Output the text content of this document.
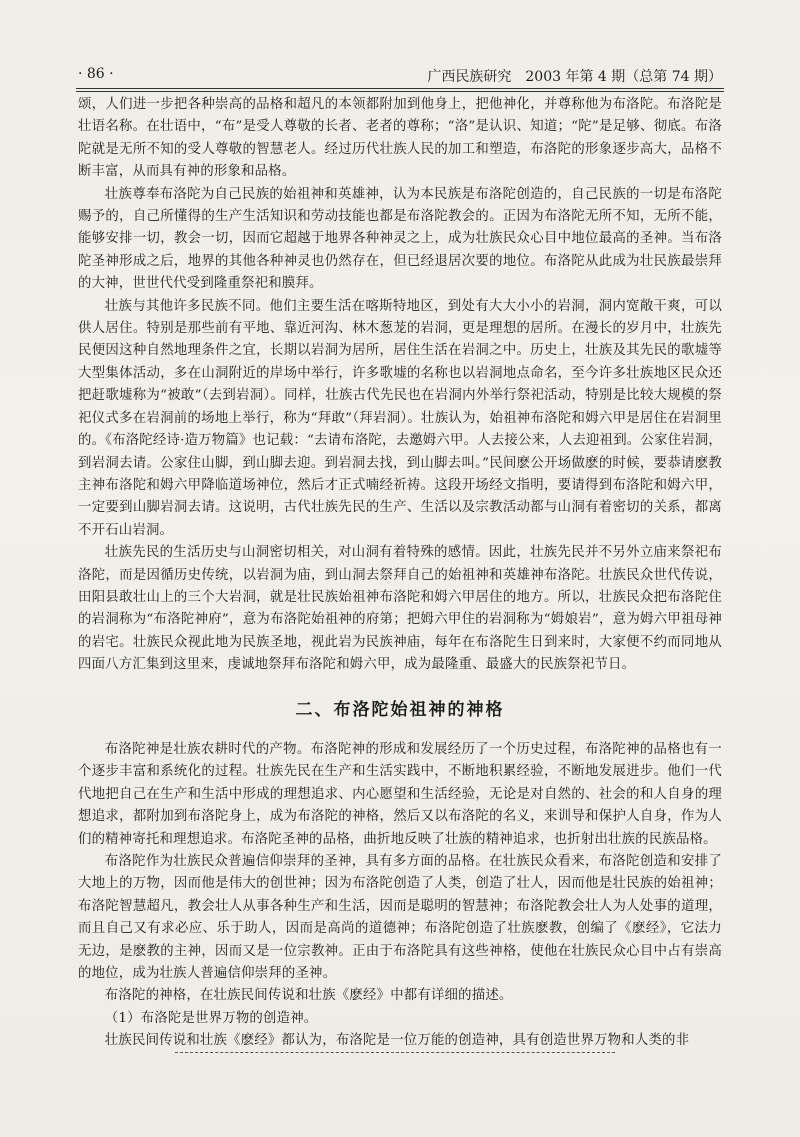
· 86 ·	广西民族研究　2003 年第 4 期（总第 74 期）

颂，人们进一步把各种崇高的品格和超凡的本领都附加到他身上，把他神化，并尊称他为布洛陀。布洛陀是壮语名称。在壮语中，“布”是受人尊敬的长者、老者的尊称；“洛”是认识、知道；“陀”是足够、彻底。布洛陀就是无所不知的受人尊敬的智慧老人。经过历代壮族人民的加工和塑造，布洛陀的形象逐步高大，品格不断丰富，从而具有神的形象和品格。

壮族尊奉布洛陀为自己民族的始祖神和英雄神，认为本民族是布洛陀创造的，自己民族的一切是布洛陀赐予的，自己所懂得的生产生活知识和劳动技能也都是布洛陀教会的。正因为布洛陀无所不知，无所不能，能够安排一切，教会一切，因而它超越于地界各种神灵之上，成为壮族民众心目中地位最高的圣神。当布洛陀圣神形成之后，地界的其他各种神灵也仍然存在，但已经退居次要的地位。布洛陀从此成为壮民族最崇拜的大神，世世代代受到隆重祭祀和膜拜。

壮族与其他许多民族不同。他们主要生活在喀斯特地区，到处有大大小小的岩洞，洞内宽敞干爽，可以供人居住。特别是那些前有平地、靠近河沟、林木葱茏的岩洞，更是理想的居所。在漫长的岁月中，壮族先民便因这种自然地理条件之宜，长期以岩洞为居所，居住生活在岩洞之中。历史上，壮族及其先民的歌墟等大型集体活动，多在山洞附近的岸场中举行，许多歌墟的名称也以岩洞地点命名，至今许多壮族地区民众还把赶歌墟称为“被敢”（去到岩洞）。同样，壮族古代先民也在岩洞内外举行祭祀活动，特别是比较大规模的祭祀仪式多在岩洞前的场地上举行，称为“拜敢”（拜岩洞）。壮族认为，始祖神布洛陀和姆六甲是居住在岩洞里的。《布洛陀经诗·造万物篇》也记载：“去请布洛陀，去邀姆六甲。人去接公来，人去迎祖到。公家住岩洞，到岩洞去请。公家住山脚，到山脚去迎。到岩洞去找，到山脚去叫。”民间麽公开场做麽的时候，要恭请麽教主神布洛陀和姆六甲降临道场神位，然后才正式喃经祈祷。这段开场经文指明，要请得到布洛陀和姆六甲，一定要到山脚岩洞去请。这说明，古代壮族先民的生产、生活以及宗教活动都与山洞有着密切的关系，都离不开石山岩洞。

壮族先民的生活历史与山洞密切相关，对山洞有着特殊的感情。因此，壮族先民并不另外立庙来祭祀布洛陀，而是因循历史传统，以岩洞为庙，到山洞去祭拜自己的始祖神和英雄神布洛陀。壮族民众世代传说，田阳县敢壮山上的三个大岩洞，就是壮民族始祖神布洛陀和姆六甲居住的地方。所以，壮族民众把布洛陀住的岩洞称为“布洛陀神府”，意为布洛陀始祖神的府第；把姆六甲住的岩洞称为“姆娘岩”，意为姆六甲祖母神的岩宅。壮族民众视此地为民族圣地，视此岩为民族神庙，每年在布洛陀生日到来时，大家便不约而同地从四面八方汇集到这里来，虔诚地祭拜布洛陀和姆六甲，成为最隆重、最盛大的民族祭祀节日。

二、布洛陀始祖神的神格

布洛陀神是壮族农耕时代的产物。布洛陀神的形成和发展经历了一个历史过程，布洛陀神的品格也有一个逐步丰富和系统化的过程。壮族先民在生产和生活实践中，不断地积累经验，不断地发展进步。他们一代代地把自己在生产和生活中形成的理想追求、内心愿望和生活经验，无论是对自然的、社会的和人自身的理想追求，都附加到布洛陀身上，成为布洛陀的神格，然后又以布洛陀的名义，来训导和保护人自身，作为人们的精神寄托和理想追求。布洛陀圣神的品格，曲折地反映了壮族的精神追求，也折射出壮族的民族品格。

布洛陀作为壮族民众普遍信仰崇拜的圣神，具有多方面的品格。在壮族民众看来，布洛陀创造和安排了大地上的万物，因而他是伟大的创世神；因为布洛陀创造了人类，创造了壮人，因而他是壮民族的始祖神；布洛陀智慧超凡，教会壮人从事各种生产和生活，因而是聪明的智慧神；布洛陀教会壮人为人处事的道理，而且自己又有求必应、乐于助人，因而是高尚的道德神；布洛陀创造了壮族麽教，创编了《麽经》，它法力无边，是麽教的主神，因而又是一位宗教神。正由于布洛陀具有这些神格，使他在壮族民众心目中占有崇高的地位，成为壮族人普遍信仰崇拜的圣神。

布洛陀的神格，在壮族民间传说和壮族《麽经》中都有详细的描述。

（1）布洛陀是世界万物的创造神。

壮族民间传说和壮族《麽经》都认为，布洛陀是一位万能的创造神，具有创造世界万物和人类的非
